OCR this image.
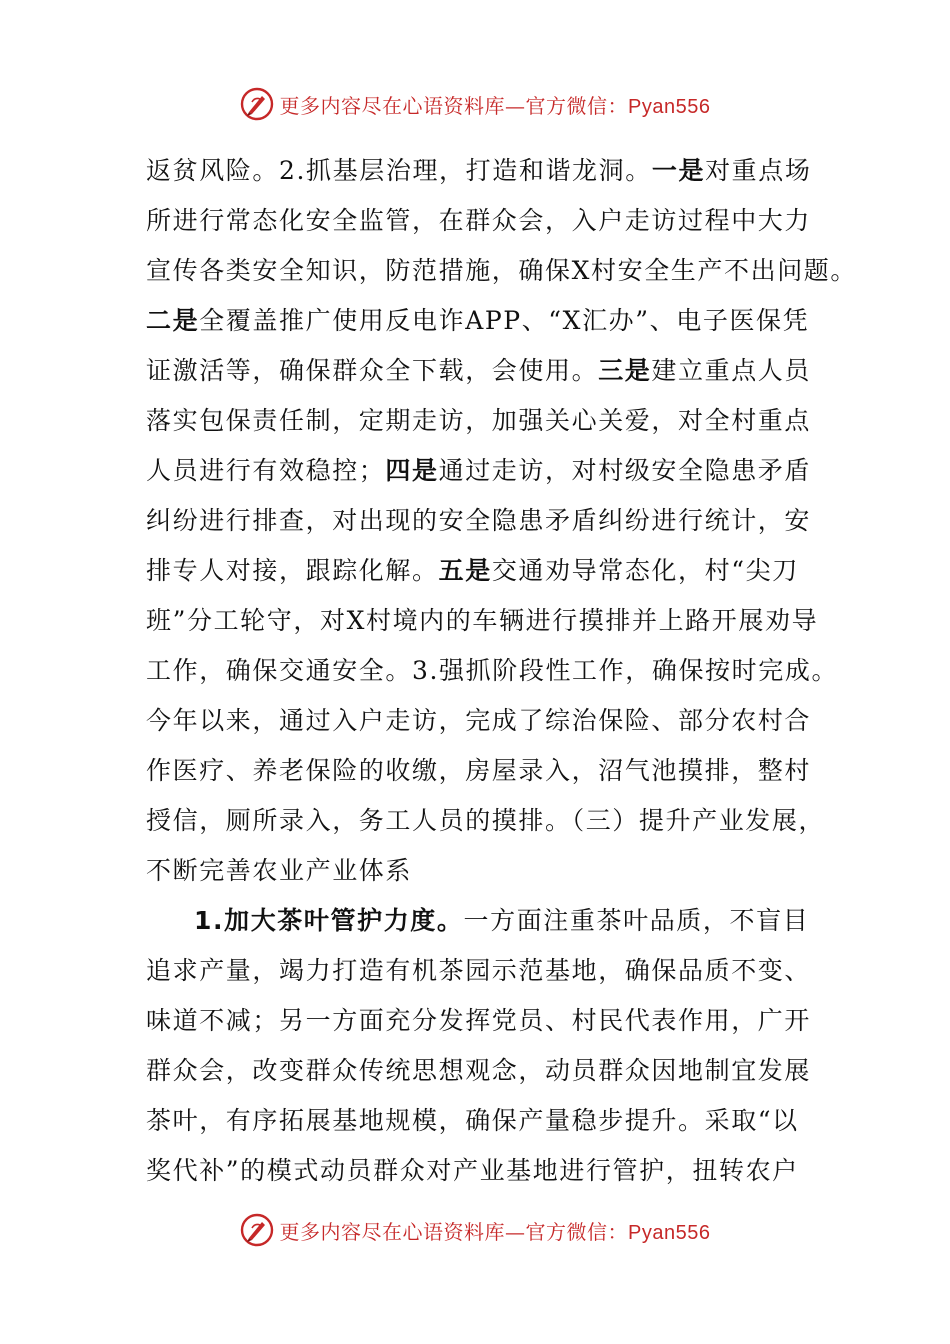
更多内容尽在心语资料库—官方微信：Pyan556
返贫风险。2.抓基层治理，打造和谐龙洞。一是对重点场
所进行常态化安全监管，在群众会，入户走访过程中大力
宣传各类安全知识，防范措施，确保X村安全生产不出问题。
二是全覆盖推广使用反电诈APP、“X汇办”、电子医保凭
证激活等，确保群众全下载，会使用。三是建立重点人员
落实包保责任制，定期走访，加强关心关爱，对全村重点
人员进行有效稳控；四是通过走访，对村级安全隐患矛盾
纠纷进行排查，对出现的安全隐患矛盾纠纷进行统计，安
排专人对接，跟踪化解。五是交通劝导常态化，村“尖刀
班”分工轮守，对X村境内的车辆进行摸排并上路开展劝导
工作，确保交通安全。3.强抓阶段性工作，确保按时完成。
今年以来，通过入户走访，完成了综治保险、部分农村合
作医疗、养老保险的收缴，房屋录入，沼气池摸排，整村
授信，厕所录入，务工人员的摸排。（三）提升产业发展，
不断完善农业产业体系
1.加大茶叶管护力度。一方面注重茶叶品质，不盲目
追求产量，竭力打造有机茶园示范基地，确保品质不变、
味道不减；另一方面充分发挥党员、村民代表作用，广开
群众会，改变群众传统思想观念，动员群众因地制宜发展
茶叶，有序拓展基地规模，确保产量稳步提升。采取“以
奖代补”的模式动员群众对产业基地进行管护，扭转农户
更多内容尽在心语资料库—官方微信：Pyan556
